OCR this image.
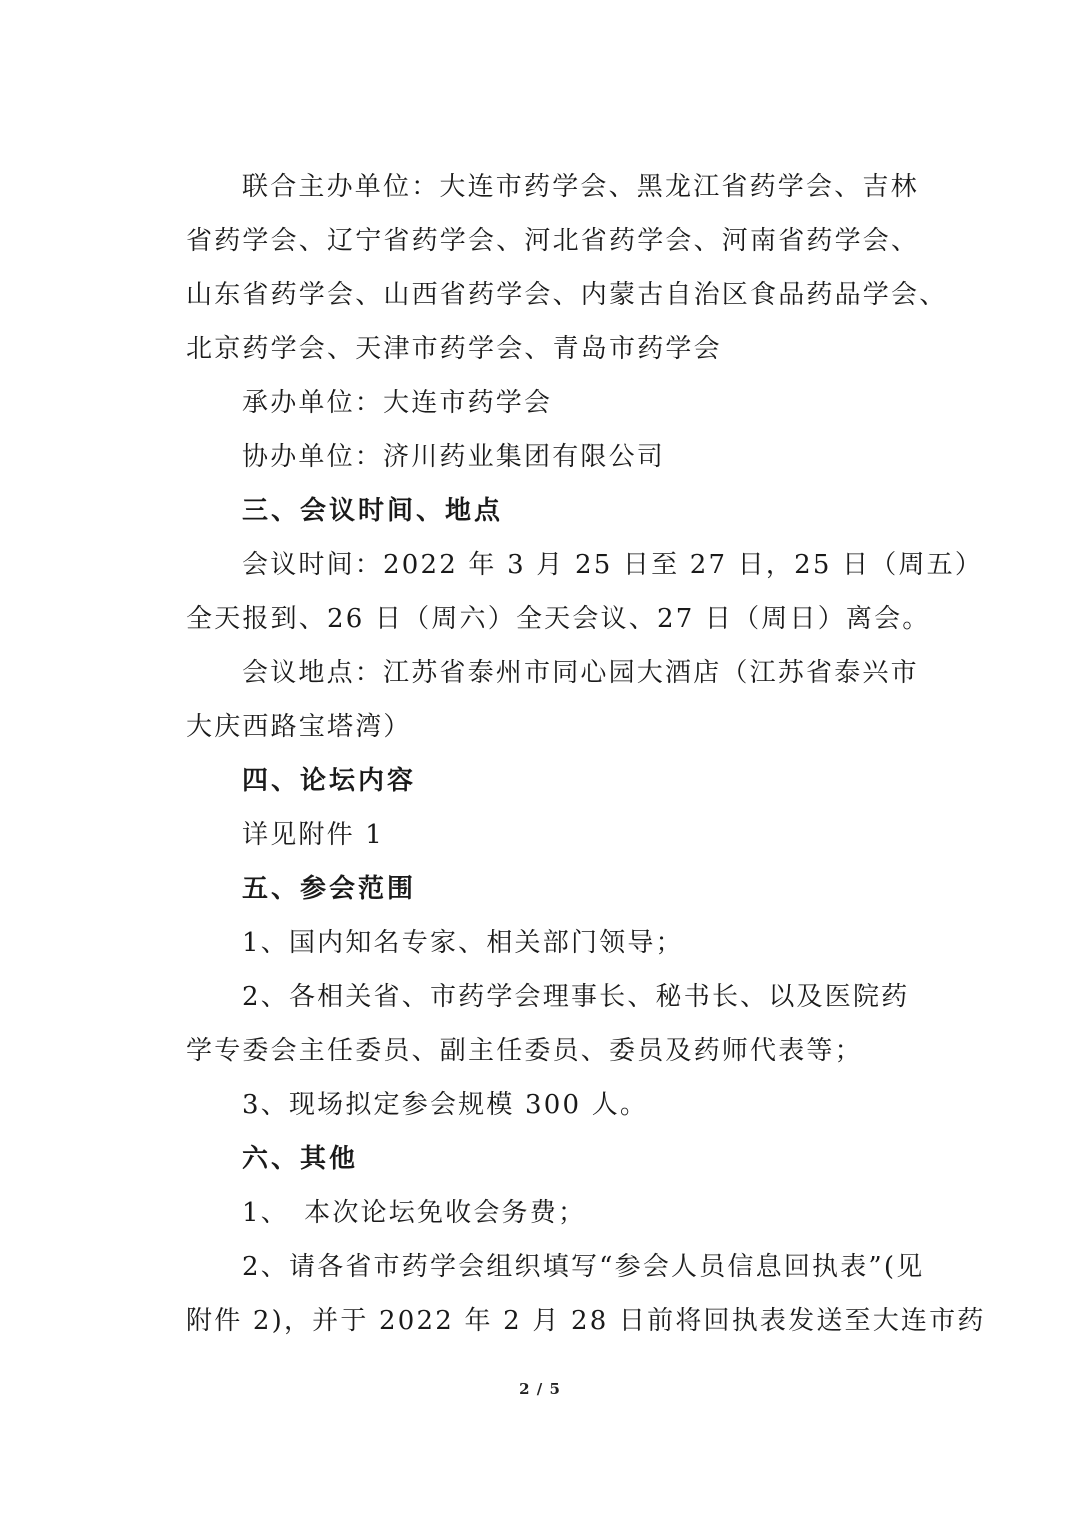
联合主办单位：大连市药学会、黑龙江省药学会、吉林

省药学会、辽宁省药学会、河北省药学会、河南省药学会、

山东省药学会、山西省药学会、内蒙古自治区食品药品学会、

北京药学会、天津市药学会、青岛市药学会

承办单位：大连市药学会

协办单位：济川药业集团有限公司

三、会议时间、地点

会议时间：2022 年 3 月 25 日至 27 日，25 日（周五）

全天报到、26 日（周六）全天会议、27 日（周日）离会。

会议地点：江苏省泰州市同心园大酒店（江苏省泰兴市

大庆西路宝塔湾）

四、论坛内容

详见附件 1

五、参会范围

1、国内知名专家、相关部门领导；

2、各相关省、市药学会理事长、秘书长、以及医院药

学专委会主任委员、副主任委员、委员及药师代表等；

3、现场拟定参会规模 300 人。

六、其他

1、　本次论坛免收会务费；

2、请各省市药学会组织填写“参会人员信息回执表”(见

附件 2)，并于 2022 年 2 月 28 日前将回执表发送至大连市药

2 / 5
